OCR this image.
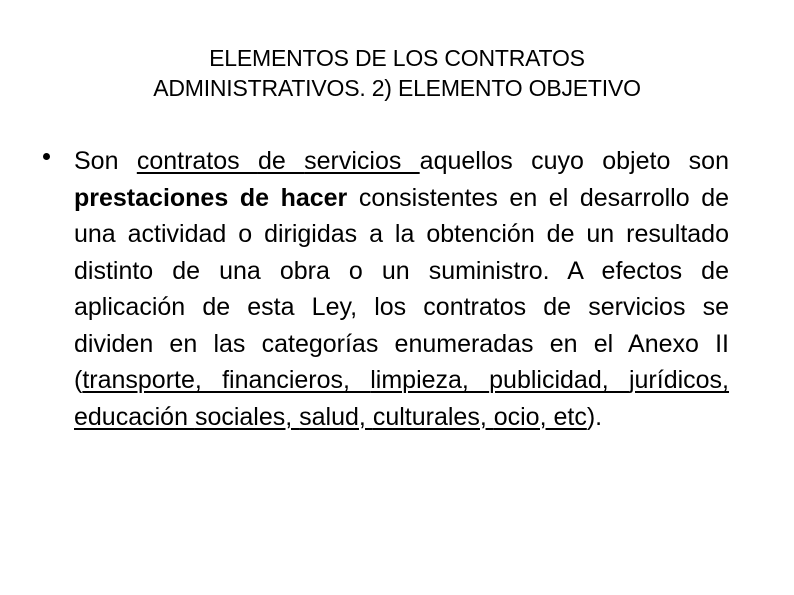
ELEMENTOS DE LOS CONTRATOS
ADMINISTRATIVOS. 2) ELEMENTO OBJETIVO
Son contratos de servicios aquellos cuyo objeto son prestaciones de hacer consistentes en el desarrollo de una actividad o dirigidas a la obtención de un resultado distinto de una obra o un suministro. A efectos de aplicación de esta Ley, los contratos de servicios se dividen en las categorías enumeradas en el Anexo II (transporte, financieros, limpieza, publicidad, jurídicos, educación sociales, salud, culturales, ocio, etc).
